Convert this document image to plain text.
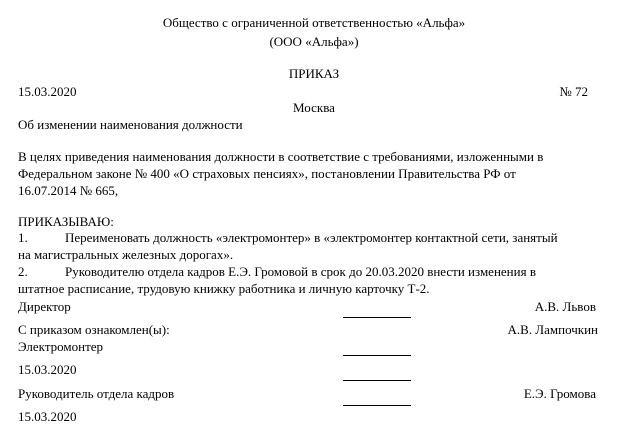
Общество с ограниченной ответственностью «Альфа»
(ООО «Альфа»)
ПРИКАЗ
15.03.2020	№ 72
Москва
Об изменении наименования должности
В целях приведения наименования должности в соответствие с требованиями, изложенными в
Федеральном законе № 400 «О страховых пенсиях», постановлении Правительства РФ от
16.07.2014 № 665,
ПРИКАЗЫВАЮ:
1.	Переименовать должность «электромонтер» в «электромонтер контактной сети, занятый
на магистральных железных дорогах».
2.	Руководителю отдела кадров Е.Э. Громовой в срок до 20.03.2020 внести изменения в
штатное расписание, трудовую книжку работника и личную карточку Т-2.
Директор	А.В. Львов
С приказом ознакомлен(ы):	А.В. Лампочкин
Электромонтер
15.03.2020
Руководитель отдела кадров	Е.Э. Громова
15.03.2020
